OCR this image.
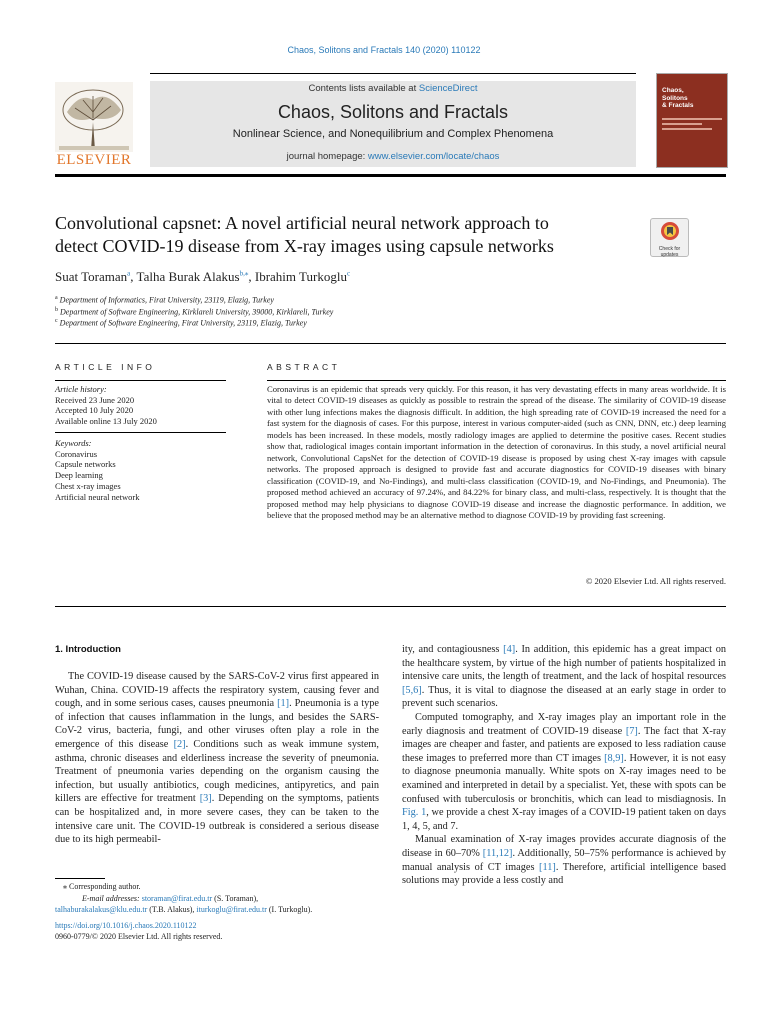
Chaos, Solitons and Fractals 140 (2020) 110122
ELSEVIER
Contents lists available at ScienceDirect
Chaos, Solitons and Fractals
Nonlinear Science, and Nonequilibrium and Complex Phenomena
journal homepage: www.elsevier.com/locate/chaos
Chaos,
Solitons
& Fractals
Convolutional capsnet: A novel artificial neural network approach to
detect COVID-19 disease from X-ray images using capsule networks	Check for
updates
Suat Toraman$^a$, Talha Burak Alakus$^{b,⁎}$, Ibrahim Turkoglu$^c$
$^a$ Department of Informatics, Firat University, 23119, Elazig, Turkey
$^b$ Department of Software Engineering, Kirklareli University, 39000, Kirklareli, Turkey
$^c$ Department of Software Engineering, Firat University, 23119, Elazig, Turkey
ARTICLE INFO
Article history:
Received 23 June 2020
Accepted 10 July 2020
Available online 13 July 2020
Keywords:
Coronavirus
Capsule networks
Deep learning
Chest x-ray images
Artificial neural network
ABSTRACT
Coronavirus is an epidemic that spreads very quickly. For this reason, it has very devastating effects in many areas worldwide. It is vital to detect COVID-19 diseases as quickly as possible to restrain the spread of the disease. The similarity of COVID-19 disease with other lung infections makes the diagnosis difficult. In addition, the high spreading rate of COVID-19 increased the need for a fast system for the diagnosis of cases. For this purpose, interest in various computer-aided (such as CNN, DNN, etc.) deep learning models has been increased. In these models, mostly radiology images are applied to determine the positive cases. Recent studies show that, radiological images contain important information in the detection of coronavirus. In this study, a novel artificial neural network, Convolutional CapsNet for the detection of COVID-19 disease is proposed by using chest X-ray images with capsule networks. The proposed approach is designed to provide fast and accurate diagnostics for COVID-19 diseases with binary classification (COVID-19, and No-Findings), and multi-class classification (COVID-19, and No-Findings, and Pneumonia). The proposed method achieved an accuracy of 97.24%, and 84.22% for binary class, and multi-class, respectively. It is thought that the proposed method may help physicians to diagnose COVID-19 disease and increase the diagnostic performance. In addition, we believe that the proposed method may be an alternative method to diagnose COVID-19 by providing fast screening.
© 2020 Elsevier Ltd. All rights reserved.
1. Introduction

The COVID-19 disease caused by the SARS-CoV-2 virus first appeared in Wuhan, China. COVID-19 affects the respiratory system, causing fever and cough, and in some serious cases, causes pneumonia [1]. Pneumonia is a type of infection that causes inflammation in the lungs, and besides the SARS-CoV-2 virus, bacteria, fungi, and other viruses often play a role in the emergence of this disease [2]. Conditions such as weak immune system, asthma, chronic diseases and elderliness increase the severity of pneumonia. Treatment of pneumonia varies depending on the organism causing the infection, but usually antibiotics, cough medicines, antipyretics, and pain killers are effective for treatment [3]. Depending on the symptoms, patients can be hospitalized and, in more severe cases, they can be taken to the intensive care unit. The COVID-19 outbreak is considered a serious disease due to its high permeabil-

ity, and contagiousness [4]. In addition, this epidemic has a great impact on the healthcare system, by virtue of the high number of patients hospitalized in intensive care units, the length of treatment, and the lack of hospital resources [5,6]. Thus, it is vital to diagnose the diseased at an early stage in order to prevent such scenarios.

Computed tomography, and X-ray images play an important role in the early diagnosis and treatment of COVID-19 disease [7]. The fact that X-ray images are cheaper and faster, and patients are exposed to less radiation cause these images to preferred more than CT images [8,9]. However, it is not easy to diagnose pneumonia manually. White spots on X-ray images need to be examined and interpreted in detail by a specialist. Yet, these with spots can be confused with tuberculosis or bronchitis, which can lead to misdiagnosis. In Fig. 1, we provide a chest X-ray images of a COVID-19 patient taken on days 1, 4, 5, and 7.

Manual examination of X-ray images provides accurate diagnosis of the disease in 60–70% [11,12]. Additionally, 50–75% performance is achieved by manual analysis of CT images [11]. Therefore, artificial intelligence based solutions may provide a less costly and

⁎ Corresponding author.
E-mail addresses: storaman@firat.edu.tr (S. Toraman),
talhaburakalakus@klu.edu.tr (T.B. Alakus), iturkoglu@firat.edu.tr (I. Turkoglu).
https://doi.org/10.1016/j.chaos.2020.110122
0960-0779/© 2020 Elsevier Ltd. All rights reserved.
